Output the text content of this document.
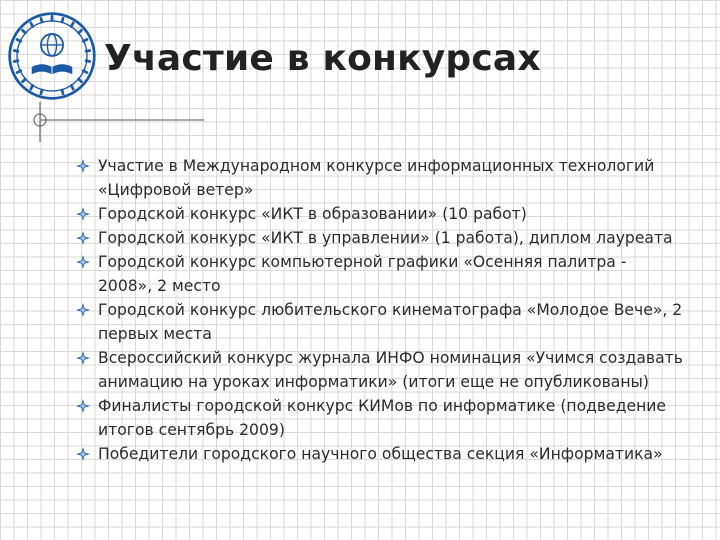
Участие в конкурсах
Участие в Международном конкурсе информационных технологий «Цифровой ветер»
Городской конкурс «ИКТ в образовании» (10 работ)
Городской конкурс «ИКТ в управлении» (1 работа), диплом лауреата
Городской конкурс компьютерной графики «Осенняя палитра - 2008», 2 место
Городской конкурс любительского кинематографа «Молодое Вече», 2 первых места
Всероссийский конкурс журнала ИНФО номинация «Учимся создавать анимацию на уроках информатики» (итоги еще не опубликованы)
Финалисты городской конкурс КИМов по информатике (подведение итогов сентябрь 2009)
Победители городского научного общества секция «Информатика»
